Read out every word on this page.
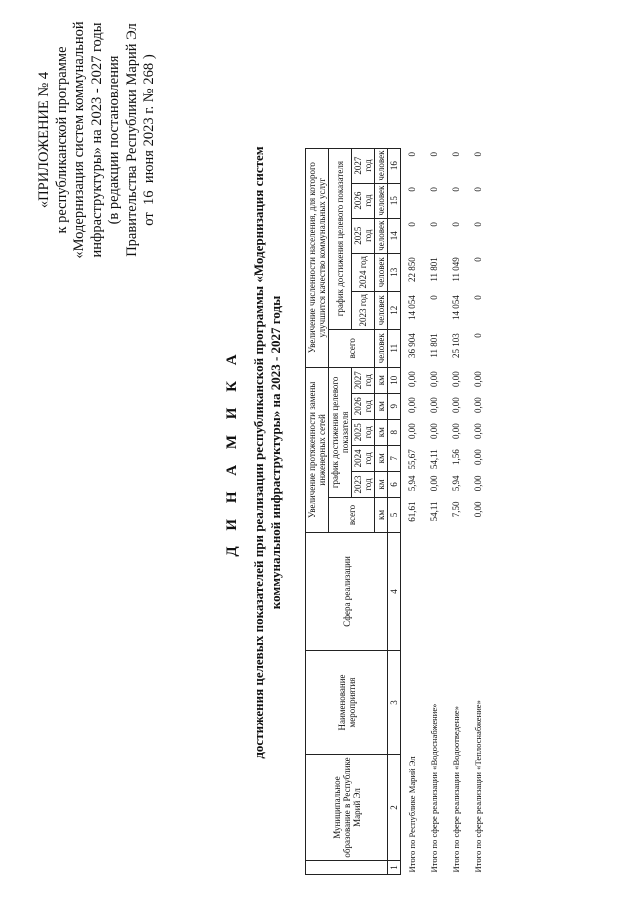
«ПРИЛОЖЕНИЕ № 4 к республиканской программе «Модернизация систем коммунальной инфраструктуры» на 2023 - 2027 годы (в редакции постановления Правительства Республики Марий Эл от 16 июня 2023 г. № 268 )
Д И Н А М И К А достижения целевых показателей при реализации республиканской программы «Модернизация систем коммунальной инфраструктуры» на 2023 - 2027 годы
	Муниципальное образование в Республике Марий Эл	Наименование мероприятия	Сфера реализации	Увеличение протяженности замены инженерных сетей						Увеличение численности населения, для которого улучшится качество коммунальных услуг					
				всего	график достижения целевого показателя					всего	график достижения целевого показателя				
					2023 год	2024 год	2025 год	2026 год	2027 год		2023 год	2024 год	2025 год	2026 год	2027 год
				км	км	км	км	км	км	человек	человек	человек	человек	человек	человек
1	2	3	4	5	6	7	8	9	10	11	12	13	14	15	16
Итого по Республике Марий Эл				61,61	5,94	55,67	0,00	0,00	0,00	36 904	14 054	22 850	0	0	0
Итого по сфере реализации «Водоснабжение»				54,11	0,00	54,11	0,00	0,00	0,00	11 801	0	11 801	0	0	0
Итого по сфере реализации «Водоотведение»				7,50	5,94	1,56	0,00	0,00	0,00	25 103	14 054	11 049	0	0	0
Итого по сфере реализации «Теплоснабжение»				0,00	0,00	0,00	0,00	0,00	0,00	0	0	0	0	0	0
